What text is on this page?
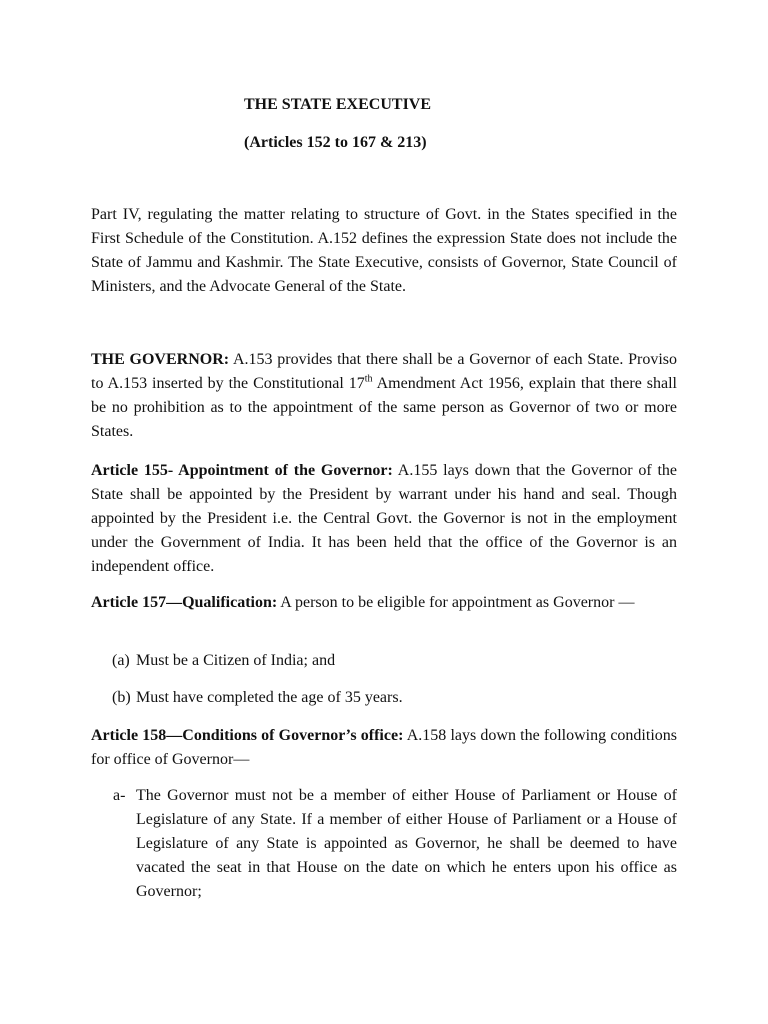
THE STATE EXECUTIVE
(Articles 152 to 167 & 213)

Part IV, regulating the matter relating to structure of Govt. in the States specified in the First Schedule of the Constitution. A.152 defines the expression State does not include the State of Jammu and Kashmir. The State Executive, consists of Governor, State Council of Ministers, and the Advocate General of the State.

THE GOVERNOR: A.153 provides that there shall be a Governor of each State. Proviso to A.153 inserted by the Constitutional 17th Amendment Act 1956, explain that there shall be no prohibition as to the appointment of the same person as Governor of two or more States.

Article 155- Appointment of the Governor: A.155 lays down that the Governor of the State shall be appointed by the President by warrant under his hand and seal. Though appointed by the President i.e. the Central Govt. the Governor is not in the employment under the Government of India. It has been held that the office of the Governor is an independent office.

Article 157—Qualification: A person to be eligible for appointment as Governor —

(a) Must be a Citizen of India; and
(b) Must have completed the age of 35 years.

Article 158—Conditions of Governor’s office: A.158 lays down the following conditions for office of Governor—

a- The Governor must not be a member of either House of Parliament or House of Legislature of any State. If a member of either House of Parliament or a House of Legislature of any State is appointed as Governor, he shall be deemed to have vacated the seat in that House on the date on which he enters upon his office as Governor;
